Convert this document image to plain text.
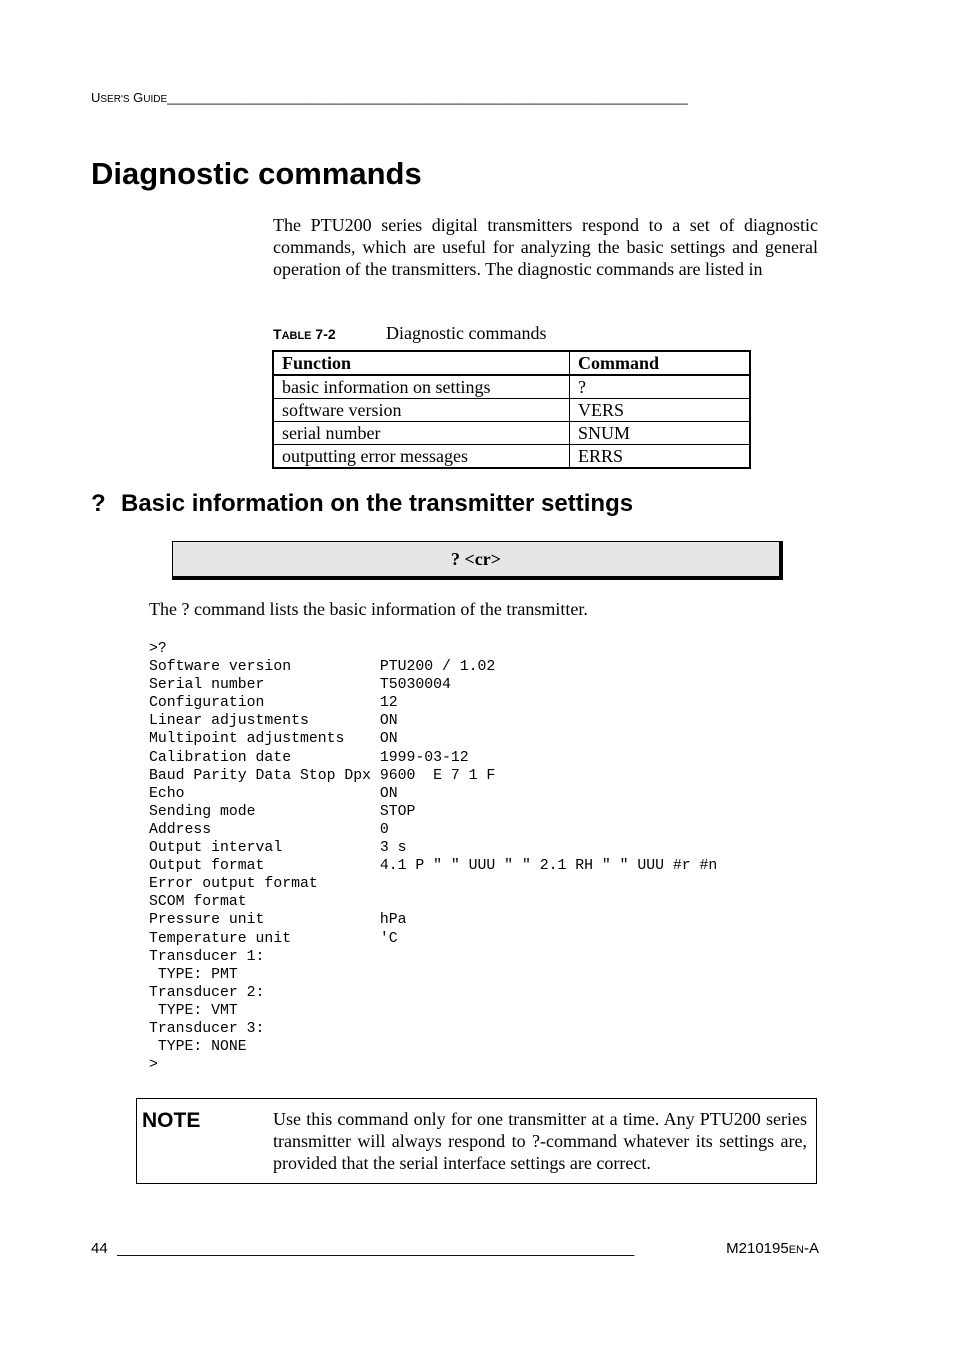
USER'S GUIDE________________________________________________________________________
Diagnostic commands

The PTU200 series digital transmitters respond to a set of diagnostic commands, which are useful for analyzing the basic settings and general operation of the transmitters. The diagnostic commands are listed in

TABLE 7-2	Diagnostic commands
Function	Command
basic information on settings	?
software version	VERS
serial number	SNUM
outputting error messages	ERRS
? Basic information on the transmitter settings
? <cr>

The ? command lists the basic information of the transmitter.

>?
Software version          PTU200 / 1.02
Serial number             T5030004
Configuration             12
Linear adjustments        ON
Multipoint adjustments    ON
Calibration date          1999-03-12
Baud Parity Data Stop Dpx 9600  E 7 1 F
Echo                      ON
Sending mode              STOP
Address                   0
Output interval           3 s
Output format             4.1 P " " UUU " " 2.1 RH " " UUU #r #n
Error output format
SCOM format
Pressure unit             hPa
Temperature unit          'C
Transducer 1:
TYPE: PMT
Transducer 2:
TYPE: VMT
Transducer 3:
TYPE: NONE
>
NOTE	Use this command only for one transmitter at a time. Any PTU200 series transmitter will always respond to ?-command whatever its settings are, provided that the serial interface settings are correct.

44 ______________________________________________________________	M210195EN-A
